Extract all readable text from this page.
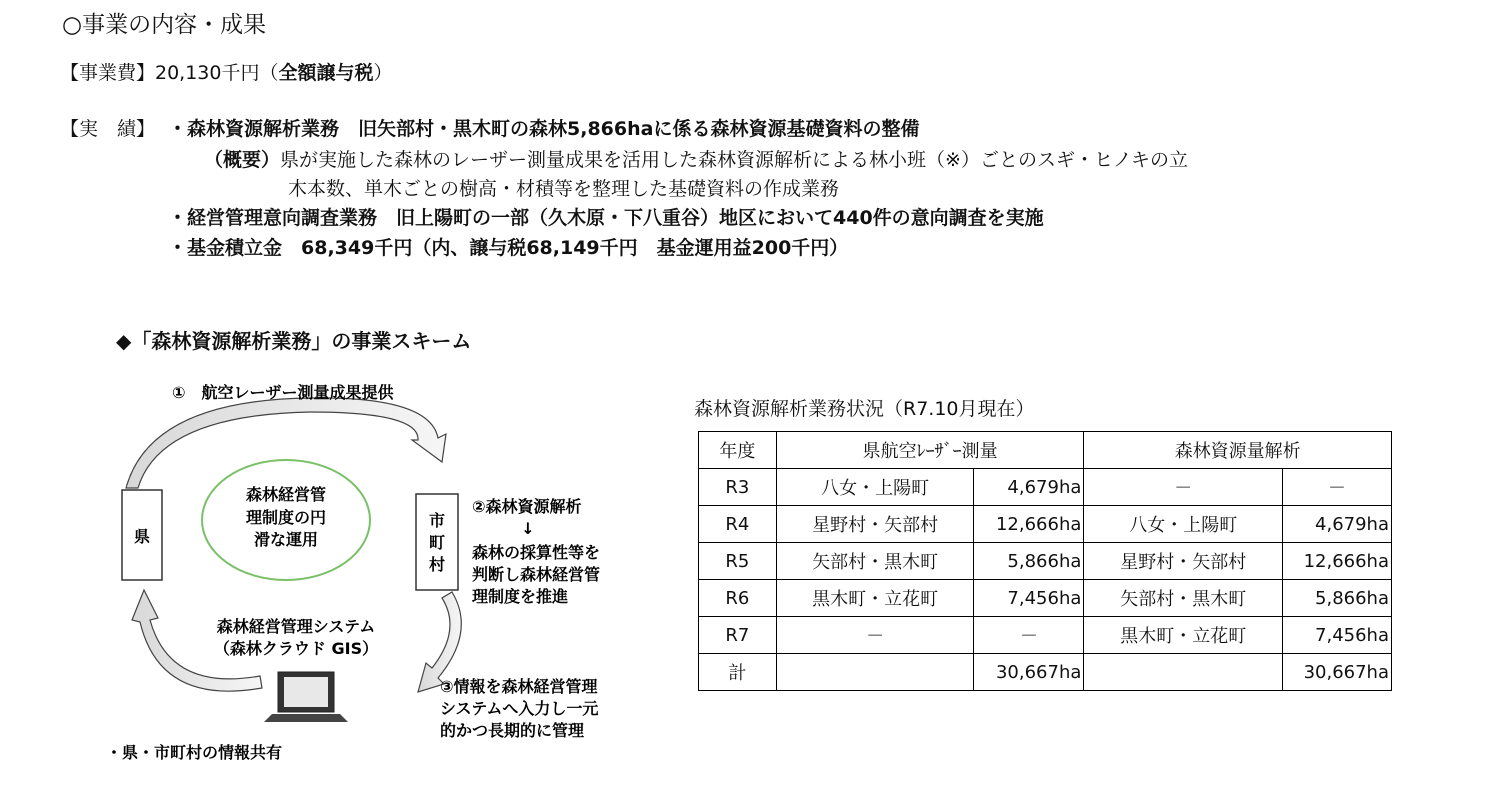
○事業の内容・成果
【事業費】20,130千円（全額譲与税）
【実　績】 ・森林資源解析業務　旧矢部村・黒木町の森林5,866haに係る森林資源基礎資料の整備
（概要）県が実施した森林のレーザー測量成果を活用した森林資源解析による林小班（※）ごとのスギ・ヒノキの立
木本数、単木ごとの樹高・材積等を整理した基礎資料の作成業務
・経営管理意向調査業務　旧上陽町の一部（久木原・下八重谷）地区において440件の意向調査を実施
・基金積立金　68,349千円（内、譲与税68,149千円　基金運用益200千円）
◆「森林資源解析業務」の事業スキーム
県
市
町
村
森林経営管
理制度の円
滑な運用
①　航空レーザー測量成果提供
②森林資源解析
↓
森林の採算性等を
判断し森林経営管
理制度を推進
森林経営管理システム
（森林クラウド GIS）
③情報を森林経営管理
システムへ入力し一元
的かつ長期的に管理
・県・市町村の情報共有
森林資源解析業務状況（R7.10月現在）
年度	県航空ﾚｰｻﾞｰ測量		森林資源量解析	
R3	八女・上陽町	4,679ha	－	－
R4	星野村・矢部村	12,666ha	八女・上陽町	4,679ha
R5	矢部村・黒木町	5,866ha	星野村・矢部村	12,666ha
R6	黒木町・立花町	7,456ha	矢部村・黒木町	5,866ha
R7	－	－	黒木町・立花町	7,456ha
計		30,667ha		30,667ha
